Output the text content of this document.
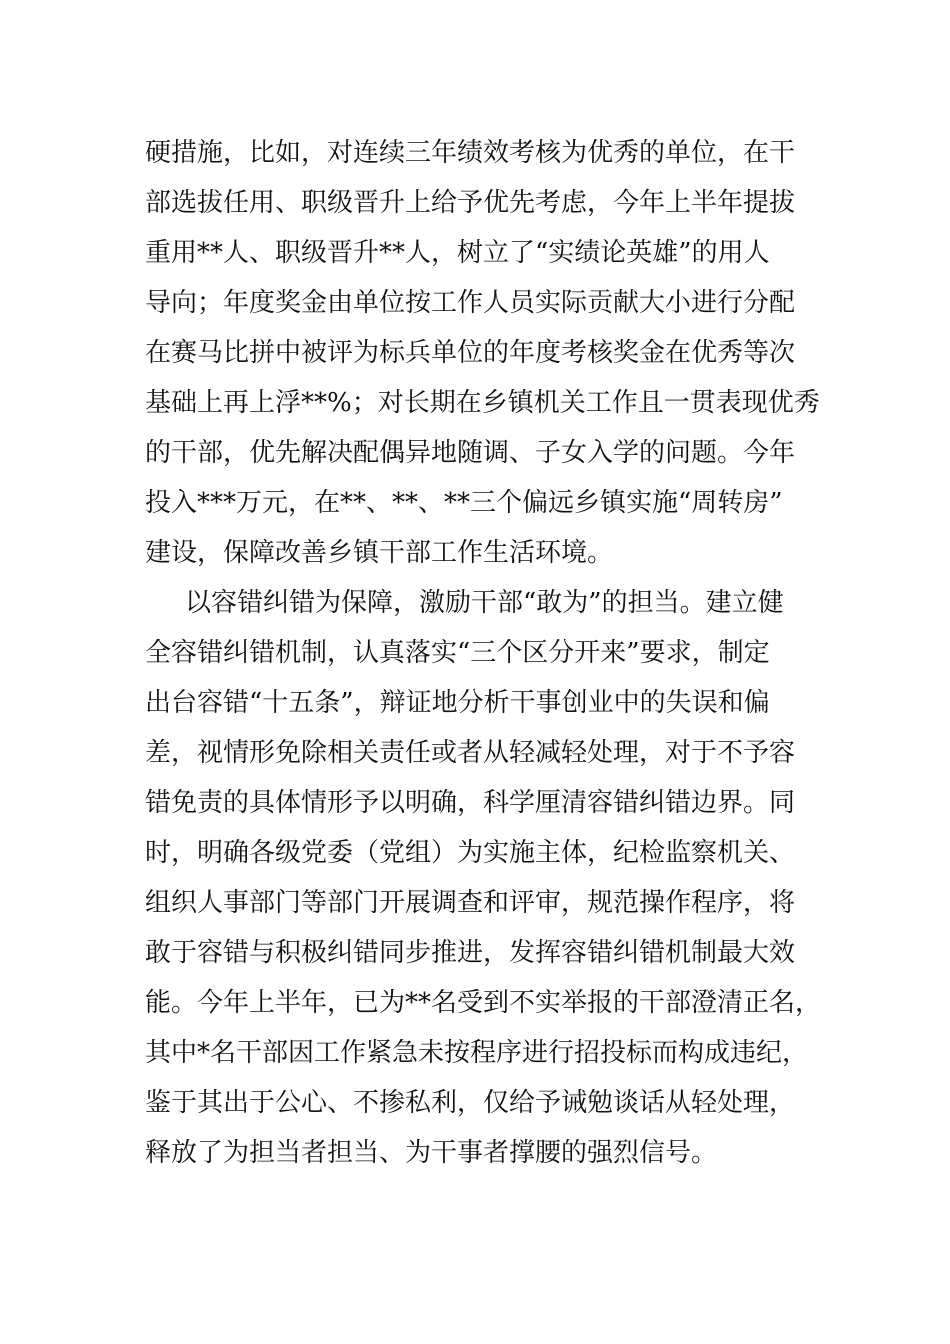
硬措施，比如，对连续三年绩效考核为优秀的单位，在干
部选拔任用、职级晋升上给予优先考虑，今年上半年提拔
重用**人、职级晋升**人，树立了“实绩论英雄”的用人
导向；年度奖金由单位按工作人员实际贡献大小进行分配
在赛马比拼中被评为标兵单位的年度考核奖金在优秀等次
基础上再上浮**%；对长期在乡镇机关工作且一贯表现优秀
的干部，优先解决配偶异地随调、子女入学的问题。今年
投入***万元，在**、**、**三个偏远乡镇实施“周转房”
建设，保障改善乡镇干部工作生活环境。
以容错纠错为保障，激励干部“敢为”的担当。建立健
全容错纠错机制，认真落实“三个区分开来”要求，制定
出台容错“十五条”，辩证地分析干事创业中的失误和偏
差，视情形免除相关责任或者从轻减轻处理，对于不予容
错免责的具体情形予以明确，科学厘清容错纠错边界。同
时，明确各级党委（党组）为实施主体，纪检监察机关、
组织人事部门等部门开展调查和评审，规范操作程序，将
敢于容错与积极纠错同步推进，发挥容错纠错机制最大效
能。今年上半年，已为**名受到不实举报的干部澄清正名，
其中*名干部因工作紧急未按程序进行招投标而构成违纪，
鉴于其出于公心、不掺私利，仅给予诫勉谈话从轻处理，
释放了为担当者担当、为干事者撑腰的强烈信号。
